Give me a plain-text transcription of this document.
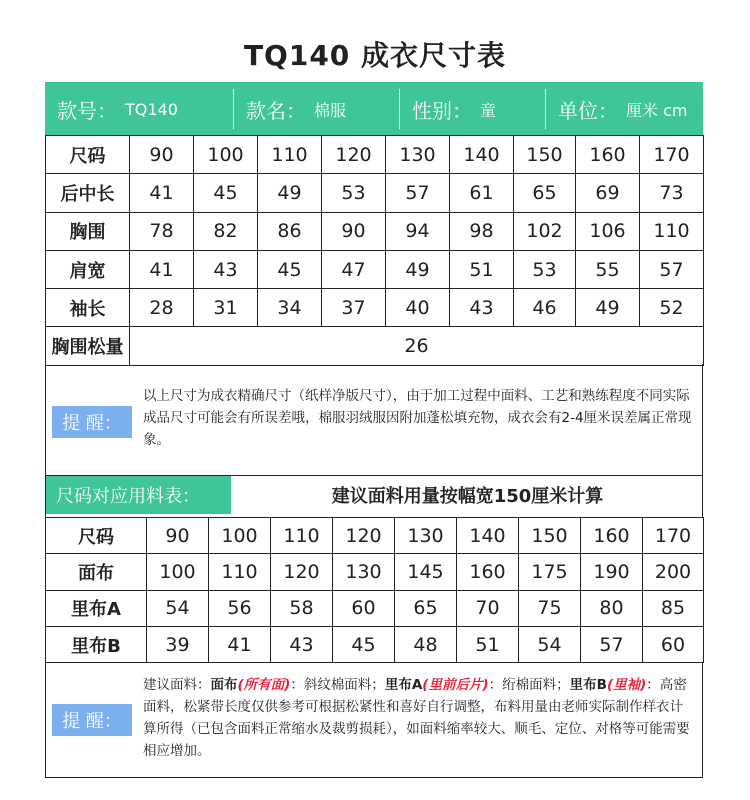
TQ140 成衣尺寸表
款号： TQ140	款名： 棉服	性别： 童	单位： 厘米 cm
尺码	90	100	110	120	130	140	150	160	170
后中长	41	45	49	53	57	61	65	69	73
胸围	78	82	86	90	94	98	102	106	110
肩宽	41	43	45	47	49	51	53	55	57
袖长	28	31	34	37	40	43	46	49	52
胸围松量	26								
提 醒：
以上尺寸为成衣精确尺寸（纸样净版尺寸），由于加工过程中面料、工艺和熟练程度不同实际成品尺寸可能会有所误差哦，棉服羽绒服因附加蓬松填充物，成衣会有2-4厘米误差属正常现象。
尺码对应用料表：	建议面料用量按幅宽150厘米计算
尺码	90	100	110	120	130	140	150	160	170
面布	100	110	120	130	145	160	175	190	200
里布A	54	56	58	60	65	70	75	80	85
里布B	39	41	43	45	48	51	54	57	60
提 醒：
建议面料：面布(所有面)：斜纹棉面料；里布A(里前后片)：绗棉面料；里布B(里袖)：高密面料，松紧带长度仅供参考可根据松紧性和喜好自行调整，布料用量由老师实际制作样衣计算所得（已包含面料正常缩水及裁剪损耗），如面料缩率较大、顺毛、定位、对格等可能需要相应增加。
